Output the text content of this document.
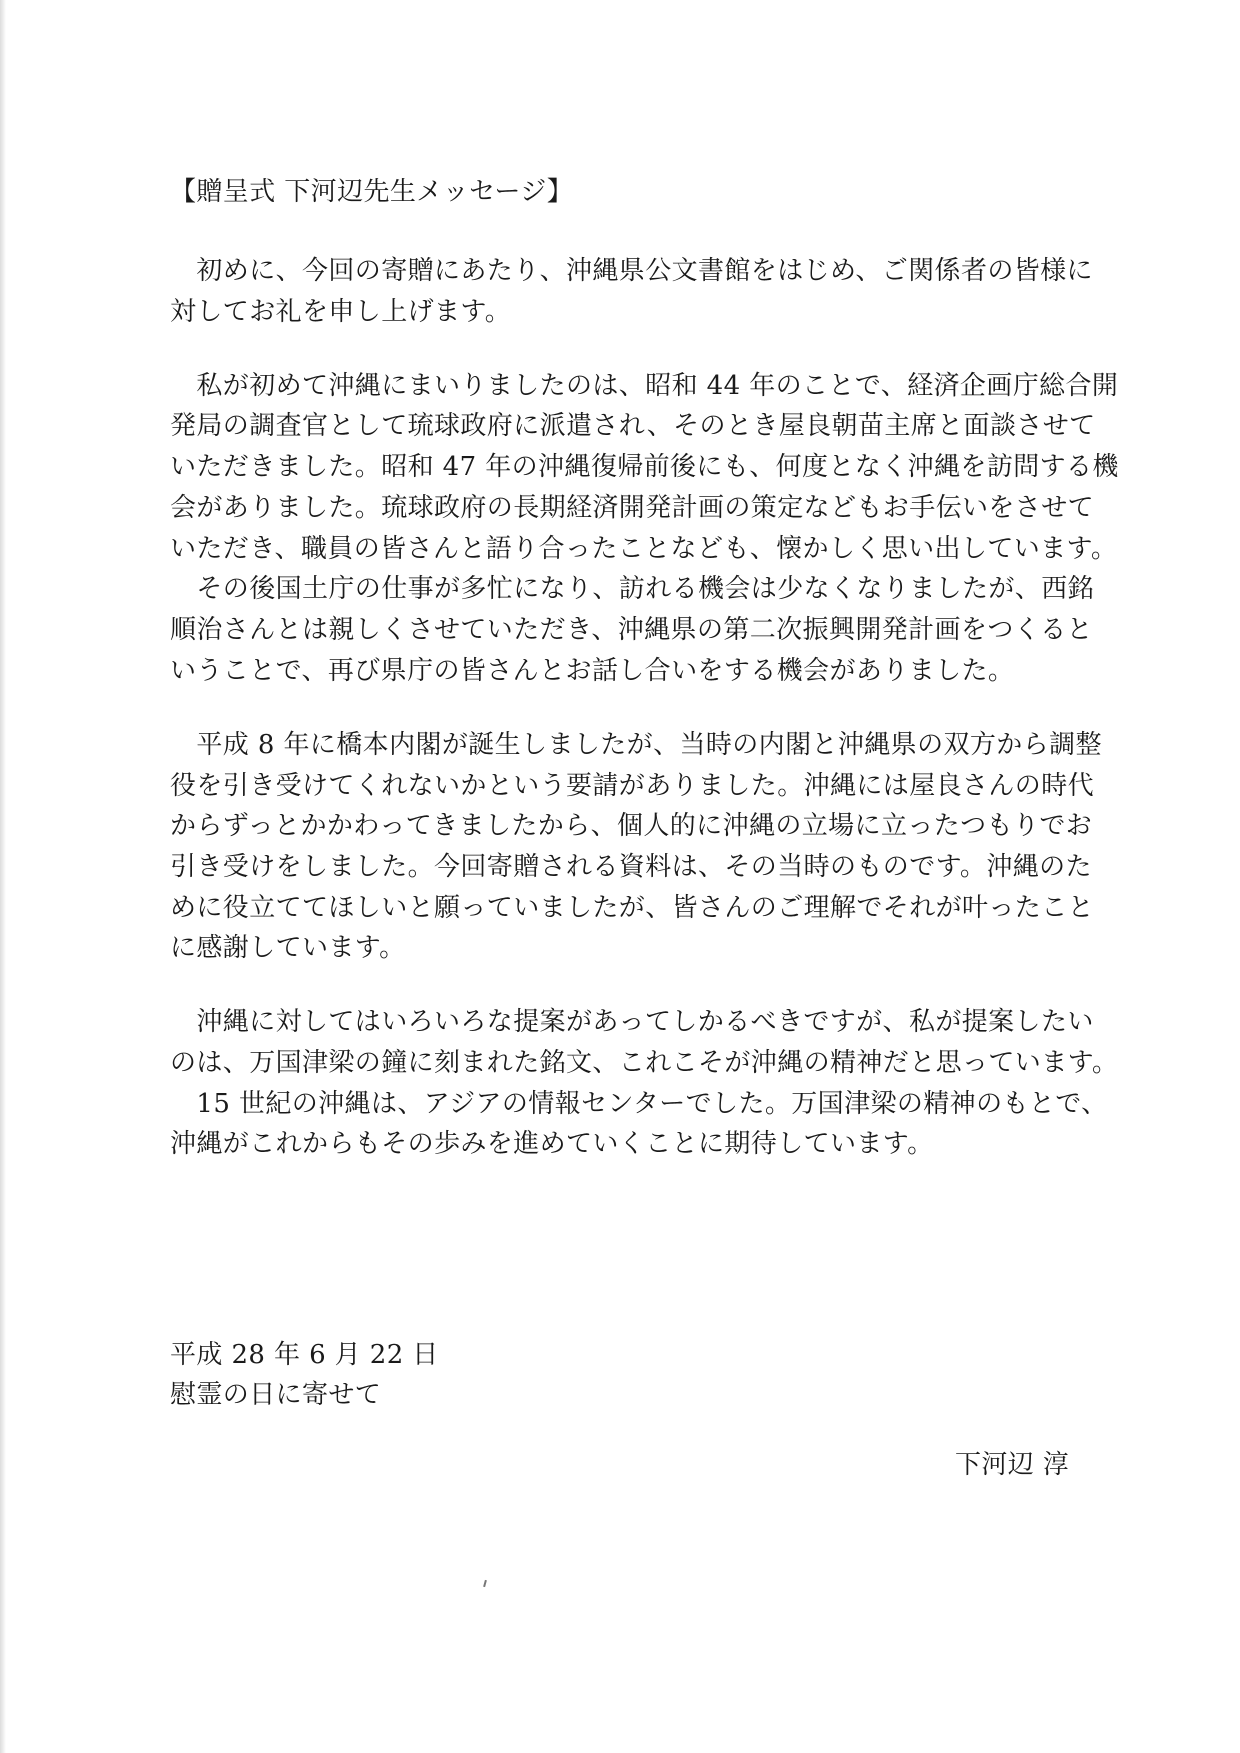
【贈呈式 下河辺先生メッセージ】
　初めに、今回の寄贈にあたり、沖縄県公文書館をはじめ、ご関係者の皆様に
対してお礼を申し上げます。
　私が初めて沖縄にまいりましたのは、昭和 44 年のことで、経済企画庁総合開
発局の調査官として琉球政府に派遣され、そのとき屋良朝苗主席と面談させて
いただきました。昭和 47 年の沖縄復帰前後にも、何度となく沖縄を訪問する機
会がありました。琉球政府の長期経済開発計画の策定などもお手伝いをさせて
いただき、職員の皆さんと語り合ったことなども、懐かしく思い出しています。
　その後国土庁の仕事が多忙になり、訪れる機会は少なくなりましたが、西銘
順治さんとは親しくさせていただき、沖縄県の第二次振興開発計画をつくると
いうことで、再び県庁の皆さんとお話し合いをする機会がありました。
　平成 8 年に橋本内閣が誕生しましたが、当時の内閣と沖縄県の双方から調整
役を引き受けてくれないかという要請がありました。沖縄には屋良さんの時代
からずっとかかわってきましたから、個人的に沖縄の立場に立ったつもりでお
引き受けをしました。今回寄贈される資料は、その当時のものです。沖縄のた
めに役立ててほしいと願っていましたが、皆さんのご理解でそれが叶ったこと
に感謝しています。
　沖縄に対してはいろいろな提案があってしかるべきですが、私が提案したい
のは、万国津梁の鐘に刻まれた銘文、これこそが沖縄の精神だと思っています。
　15 世紀の沖縄は、アジアの情報センターでした。万国津梁の精神のもとで、
沖縄がこれからもその歩みを進めていくことに期待しています。
平成 28 年 6 月 22 日
慰霊の日に寄せて
下河辺 淳
